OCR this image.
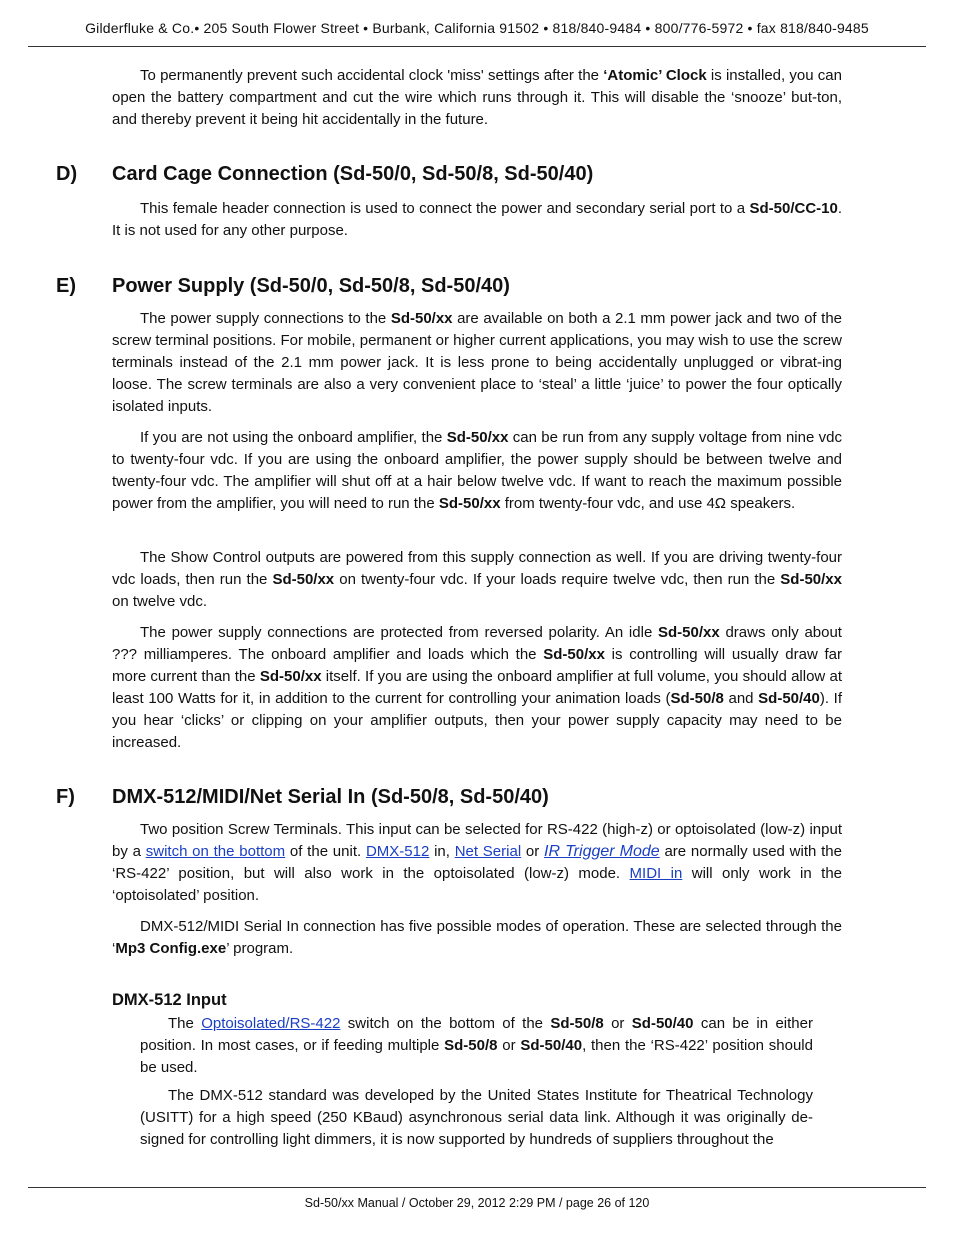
Gilderfluke & Co.• 205 South Flower Street • Burbank, California 91502 • 818/840-9484 • 800/776-5972 • fax 818/840-9485

To permanently prevent such accidental clock 'miss' settings after the ‘Atomic’ Clock is installed, you can open the battery compartment and cut the wire which runs through it. This will disable the ‘snooze’ but-ton, and thereby prevent it being hit accidentally in the future.

D) Card Cage Connection (Sd-50/0, Sd-50/8, Sd-50/40)

This female header connection is used to connect the power and secondary serial port to a Sd-50/CC-10. It is not used for any other purpose.

E) Power Supply (Sd-50/0, Sd-50/8, Sd-50/40)

The power supply connections to the Sd-50/xx are available on both a 2.1 mm power jack and two of the screw terminal positions. For mobile, permanent or higher current applications, you may wish to use the screw terminals instead of the 2.1 mm power jack. It is less prone to being accidentally unplugged or vibrat-ing loose. The screw terminals are also a very convenient place to ‘steal’ a little ‘juice’ to power the four optically isolated inputs.

If you are not using the onboard amplifier, the Sd-50/xx can be run from any supply voltage from nine vdc to twenty-four vdc. If you are using the onboard amplifier, the power supply should be between twelve and twenty-four vdc. The amplifier will shut off at a hair below twelve vdc. If want to reach the maximum possible power from the amplifier, you will need to run the Sd-50/xx from twenty-four vdc, and use 4Ω speakers.

The Show Control outputs are powered from this supply connection as well. If you are driving twenty-four vdc loads, then run the Sd-50/xx on twenty-four vdc. If your loads require twelve vdc, then run the Sd-50/xx on twelve vdc.

The power supply connections are protected from reversed polarity. An idle Sd-50/xx draws only about ??? milliamperes. The onboard amplifier and loads which the Sd-50/xx is controlling will usually draw far more current than the Sd-50/xx itself. If you are using the onboard amplifier at full volume, you should allow at least 100 Watts for it, in addition to the current for controlling your animation loads (Sd-50/8 and Sd-50/40). If you hear ‘clicks’ or clipping on your amplifier outputs, then your power supply capacity may need to be increased.

F) DMX-512/MIDI/Net Serial In (Sd-50/8, Sd-50/40)

Two position Screw Terminals. This input can be selected for RS-422 (high-z) or optoisolated (low-z) input by a switch on the bottom of the unit. DMX-512 in, Net Serial or IR Trigger Mode are normally used with the ‘RS-422’ position, but will also work in the optoisolated (low-z) mode. MIDI in will only work in the ‘optoisolated’ position.

DMX-512/MIDI Serial In connection has five possible modes of operation. These are selected through the ‘Mp3 Config.exe’ program.

DMX-512 Input

The Optoisolated/RS-422 switch on the bottom of the Sd-50/8 or Sd-50/40 can be in either position. In most cases, or if feeding multiple Sd-50/8 or Sd-50/40, then the ‘RS-422’ position should be used.

The DMX-512 standard was developed by the United States Institute for Theatrical Technology (USITT) for a high speed (250 KBaud) asynchronous serial data link. Although it was originally de-signed for controlling light dimmers, it is now supported by hundreds of suppliers throughout the

Sd-50/xx Manual / October 29, 2012 2:29 PM / page 26 of 120
